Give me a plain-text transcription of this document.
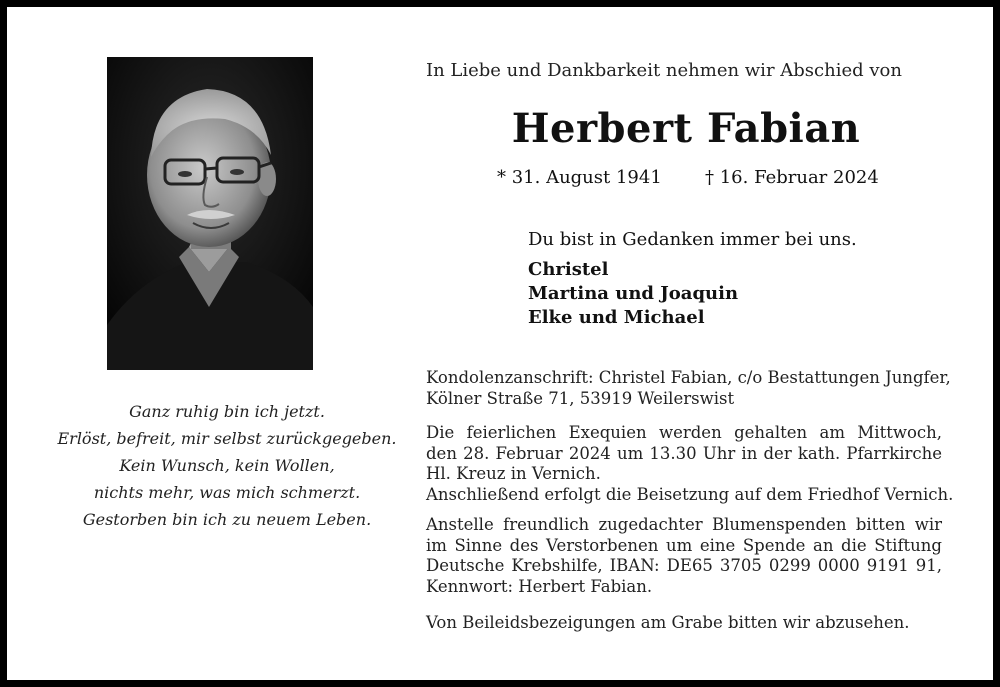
Ganz ruhig bin ich jetzt.
Erlöst, befreit, mir selbst zurückgegeben.
Kein Wunsch, kein Wollen,
nichts mehr, was mich schmerzt.
Gestorben bin ich zu neuem Leben.
In Liebe und Dankbarkeit nehmen wir Abschied von
Herbert Fabian
* 31. August 1941 † 16. Februar 2024
Du bist in Gedanken immer bei uns.
Christel
Martina und Joaquin
Elke und Michael
Kondolenzanschrift: Christel Fabian, c/o Bestattungen Jungfer,
Kölner Straße 71, 53919 Weilerswist
Die feierlichen Exequien werden gehalten am Mittwoch,
den 28. Februar 2024 um 13.30 Uhr in der kath. Pfarrkirche
Hl. Kreuz in Vernich.
Anschließend erfolgt die Beisetzung auf dem Friedhof Vernich.
Anstelle freundlich zugedachter Blumenspenden bitten wir
im Sinne des Verstorbenen um eine Spende an die Stiftung
Deutsche Krebshilfe, IBAN: DE65 3705 0299 0000 9191 91,
Kennwort: Herbert Fabian.
Von Beileidsbezeigungen am Grabe bitten wir abzusehen.
